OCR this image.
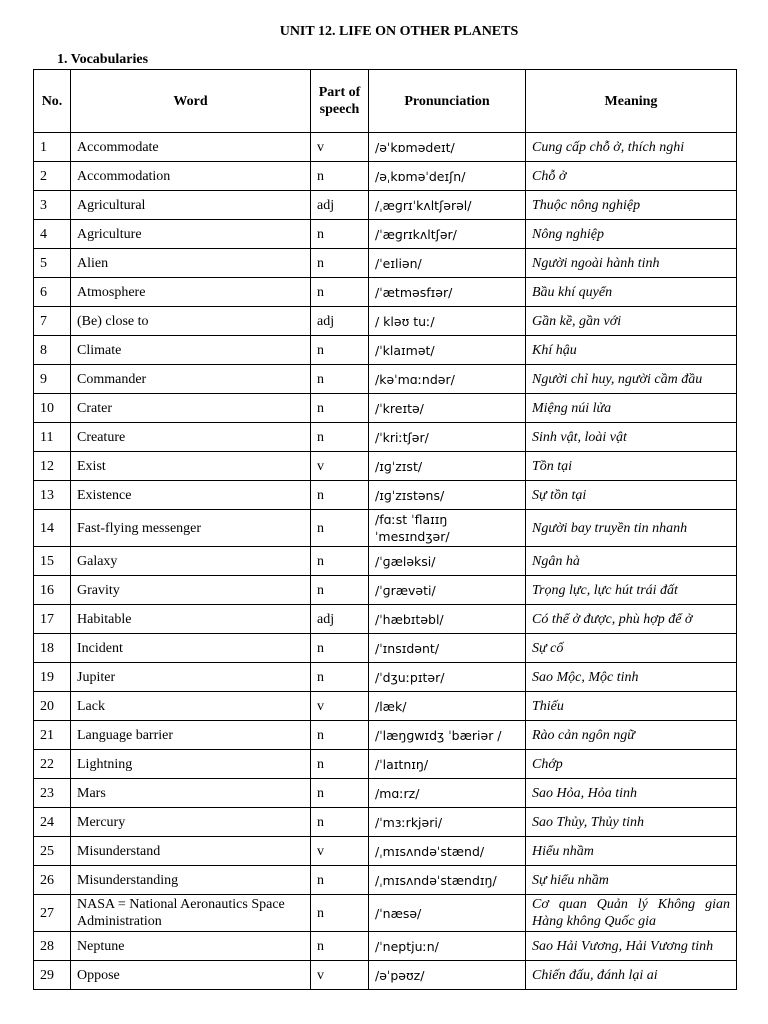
UNIT 12. LIFE ON OTHER PLANETS
1. Vocabularies
No.	Word	Part of speech	Pronunciation	Meaning
1	Accommodate	v	/əˈkɒmədeɪt/	Cung cấp chỗ ở, thích nghi
2	Accommodation	n	/əˌkɒməˈdeɪʃn/	Chỗ ở
3	Agricultural	adj	/ˌæɡrɪˈkʌltʃərəl/	Thuộc nông nghiệp
4	Agriculture	n	/ˈæɡrɪkʌltʃər/	Nông nghiệp
5	Alien	n	/ˈeɪliən/	Người ngoài hành tinh
6	Atmosphere	n	/ˈætməsfɪər/	Bầu khí quyển
7	(Be) close to	adj	/ kləʊ tuː/	Gần kề, gần với
8	Climate	n	/ˈklaɪmət/	Khí hậu
9	Commander	n	/kəˈmɑːndər/	Người chỉ huy, người cầm đầu
10	Crater	n	/ˈkreɪtə/	Miệng núi lửa
11	Creature	n	/ˈkriːtʃər/	Sinh vật, loài vật
12	Exist	v	/ɪɡˈzɪst/	Tồn tại
13	Existence	n	/ɪɡˈzɪstəns/	Sự tồn tại
14	Fast-flying messenger	n	/fɑːst ˈflaɪɪŋ ˈmesɪndʒər/	Người bay truyền tin nhanh
15	Galaxy	n	/ˈɡæləksi/	Ngân hà
16	Gravity	n	/ˈɡrævəti/	Trọng lực, lực hút trái đất
17	Habitable	adj	/ˈhæbɪtəbl/	Có thể ở được, phù hợp để ở
18	Incident	n	/ˈɪnsɪdənt/	Sự cố
19	Jupiter	n	/ˈdʒuːpɪtər/	Sao Mộc, Mộc tinh
20	Lack	v	/læk/	Thiếu
21	Language barrier	n	/ˈlæŋɡwɪdʒ ˈbæriər /	Rào cản ngôn ngữ
22	Lightning	n	/ˈlaɪtnɪŋ/	Chớp
23	Mars	n	/mɑːrz/	Sao Hỏa, Hỏa tinh
24	Mercury	n	/ˈmɜːrkjəri/	Sao Thủy, Thủy tinh
25	Misunderstand	v	/ˌmɪsʌndəˈstænd/	Hiểu nhầm
26	Misunderstanding	n	/ˌmɪsʌndəˈstændɪŋ/	Sự hiểu nhầm
27	NASA = National Aeronautics Space Administration	n	/ˈnæsə/	Cơ quan Quản lý Không gian Hàng không Quốc gia
28	Neptune	n	/ˈneptjuːn/	Sao Hải Vương, Hải Vương tinh
29	Oppose	v	/əˈpəʊz/	Chiến đấu, đánh lại ai
